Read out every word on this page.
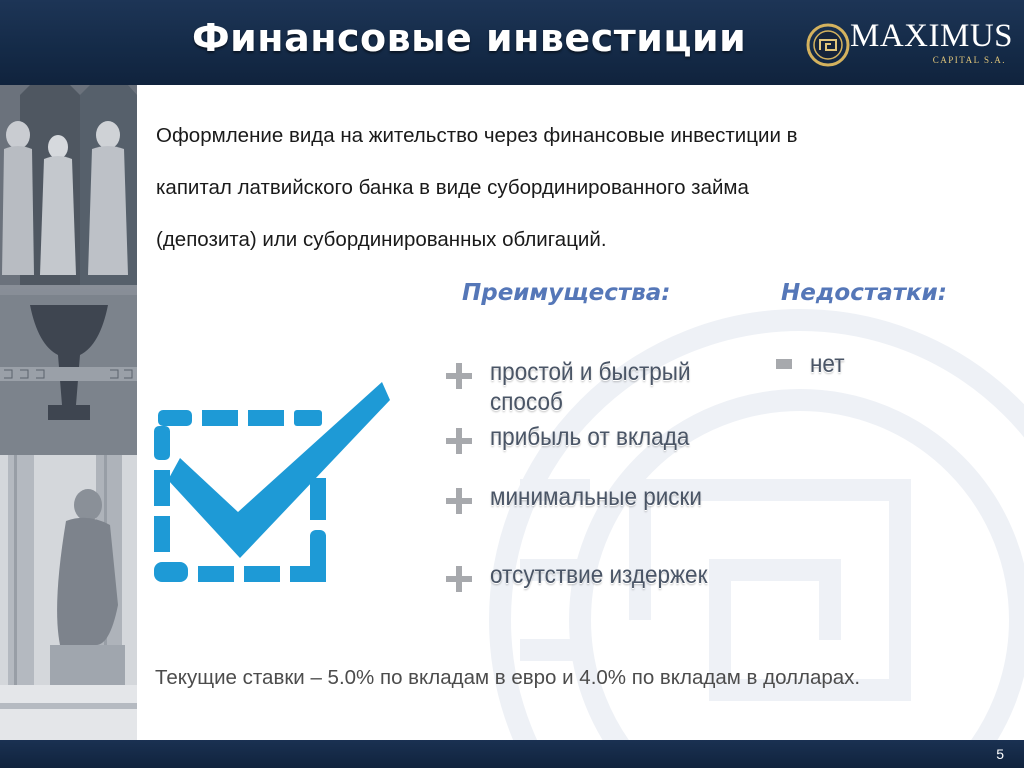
Финансовые инвестиции	MAXIMUS
CAPITAL S.A.
Оформление вида на жительство через финансовые инвестиции в
капитал латвийского банка в виде субординированного займа
(депозита) или субординированных облигаций.
Преимущества:	Недостатки:
простой и быстрый способ
прибыль от вклада
минимальные риски
отсутствие издержек
нет
Текущие ставки – 5.0% по вкладам в евро и 4.0% по вкладам в долларах.
5
